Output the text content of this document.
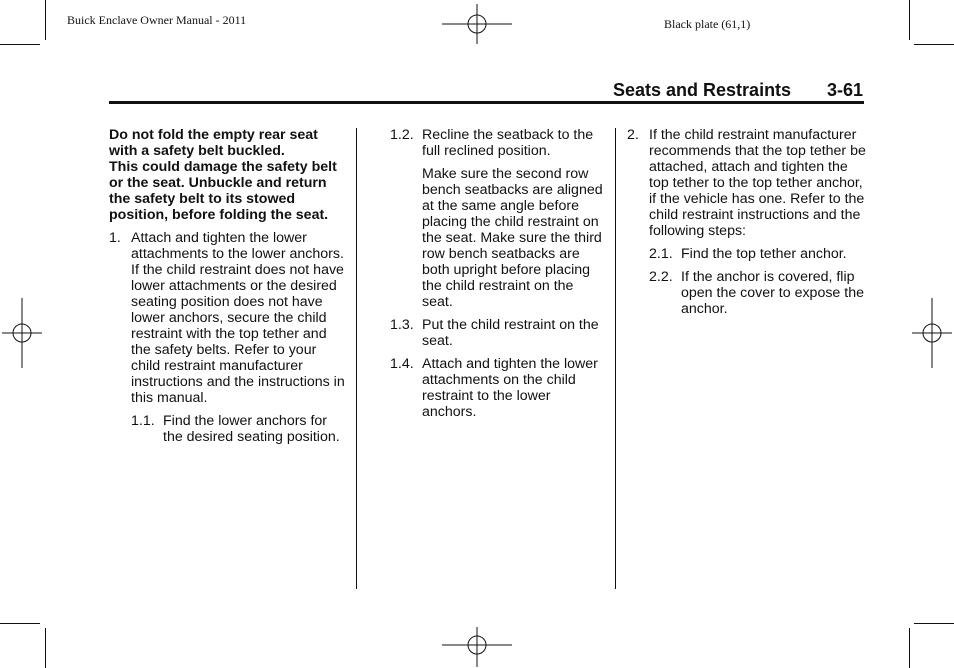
Buick Enclave Owner Manual - 2011	Black plate (61,1)
Seats and Restraints 3-61

Do not fold the empty rear seat with a safety belt buckled.

This could damage the safety belt or the seat. Unbuckle and return the safety belt to its stowed position, before folding the seat.

1. Attach and tighten the lower attachments to the lower anchors. If the child restraint does not have lower attachments or the desired seating position does not have lower anchors, secure the child restraint with the top tether and the safety belts. Refer to your child restraint manufacturer instructions and the instructions in this manual.

1.1. Find the lower anchors for the desired seating position.

1.2. Recline the seatback to the full reclined position.

Make sure the second row bench seatbacks are aligned at the same angle before placing the child restraint on the seat. Make sure the third row bench seatbacks are both upright before placing the child restraint on the seat.

1.3. Put the child restraint on the seat.

1.4. Attach and tighten the lower attachments on the child restraint to the lower anchors.

2. If the child restraint manufacturer recommends that the top tether be attached, attach and tighten the top tether to the top tether anchor, if the vehicle has one. Refer to the child restraint instructions and the following steps:

2.1. Find the top tether anchor.

2.2. If the anchor is covered, flip open the cover to expose the anchor.
